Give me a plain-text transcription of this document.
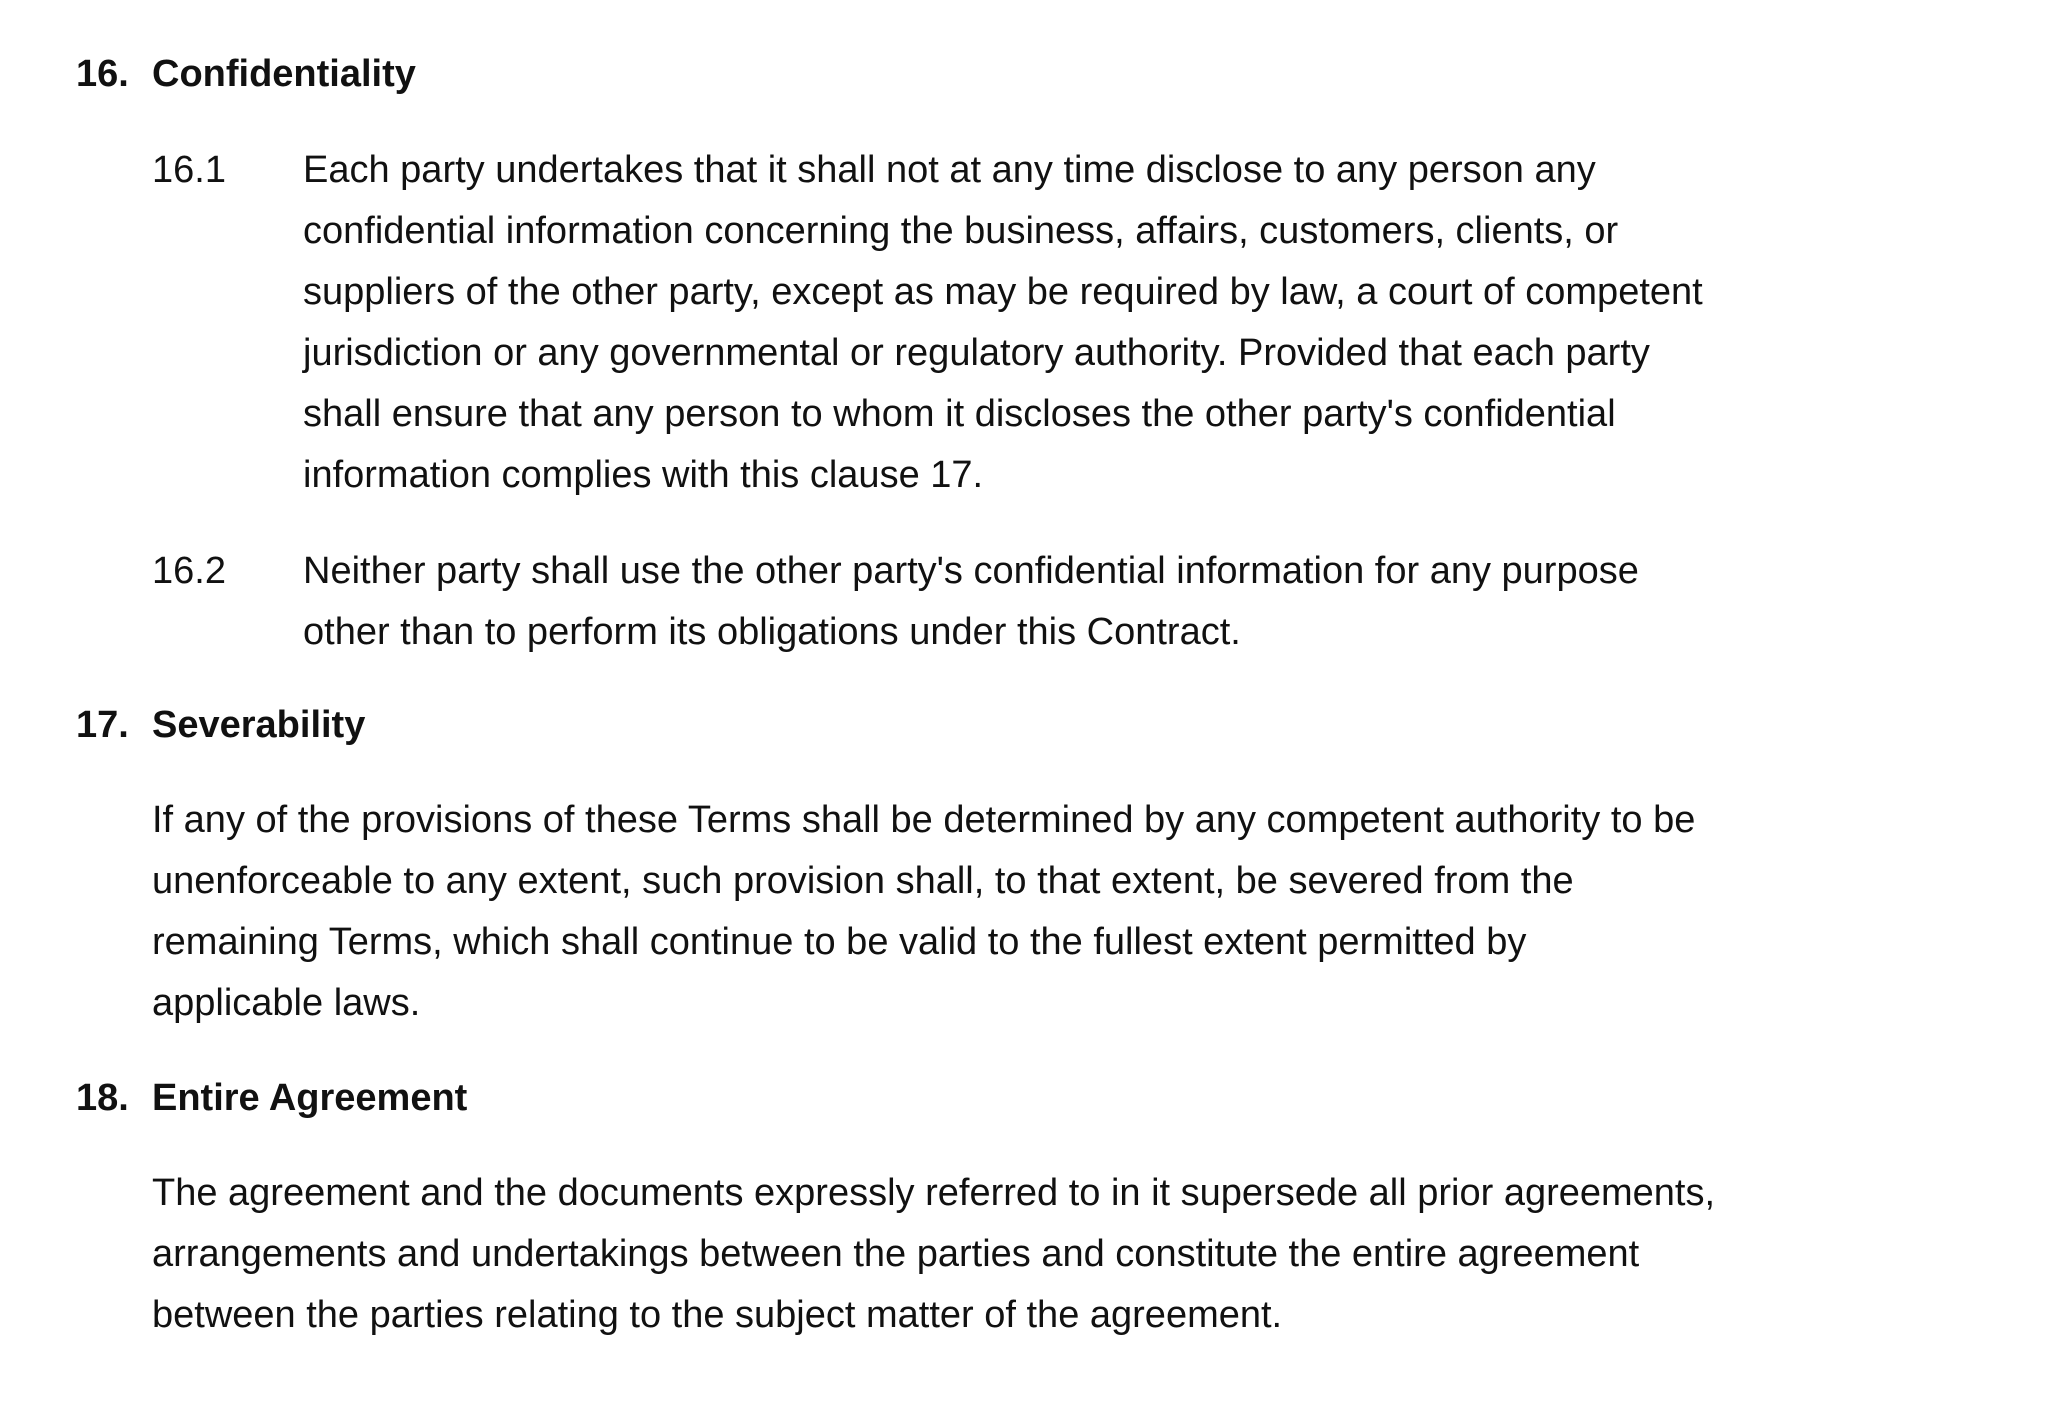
16. Confidentiality
16.1 Each party undertakes that it shall not at any time disclose to any person any
confidential information concerning the business, affairs, customers, clients, or
suppliers of the other party, except as may be required by law, a court of competent
jurisdiction or any governmental or regulatory authority. Provided that each party
shall ensure that any person to whom it discloses the other party's confidential
information complies with this clause 17.
16.2 Neither party shall use the other party's confidential information for any purpose
other than to perform its obligations under this Contract.
17. Severability
If any of the provisions of these Terms shall be determined by any competent authority to be
unenforceable to any extent, such provision shall, to that extent, be severed from the
remaining Terms, which shall continue to be valid to the fullest extent permitted by
applicable laws.
18. Entire Agreement
The agreement and the documents expressly referred to in it supersede all prior agreements,
arrangements and undertakings between the parties and constitute the entire agreement
between the parties relating to the subject matter of the agreement.
